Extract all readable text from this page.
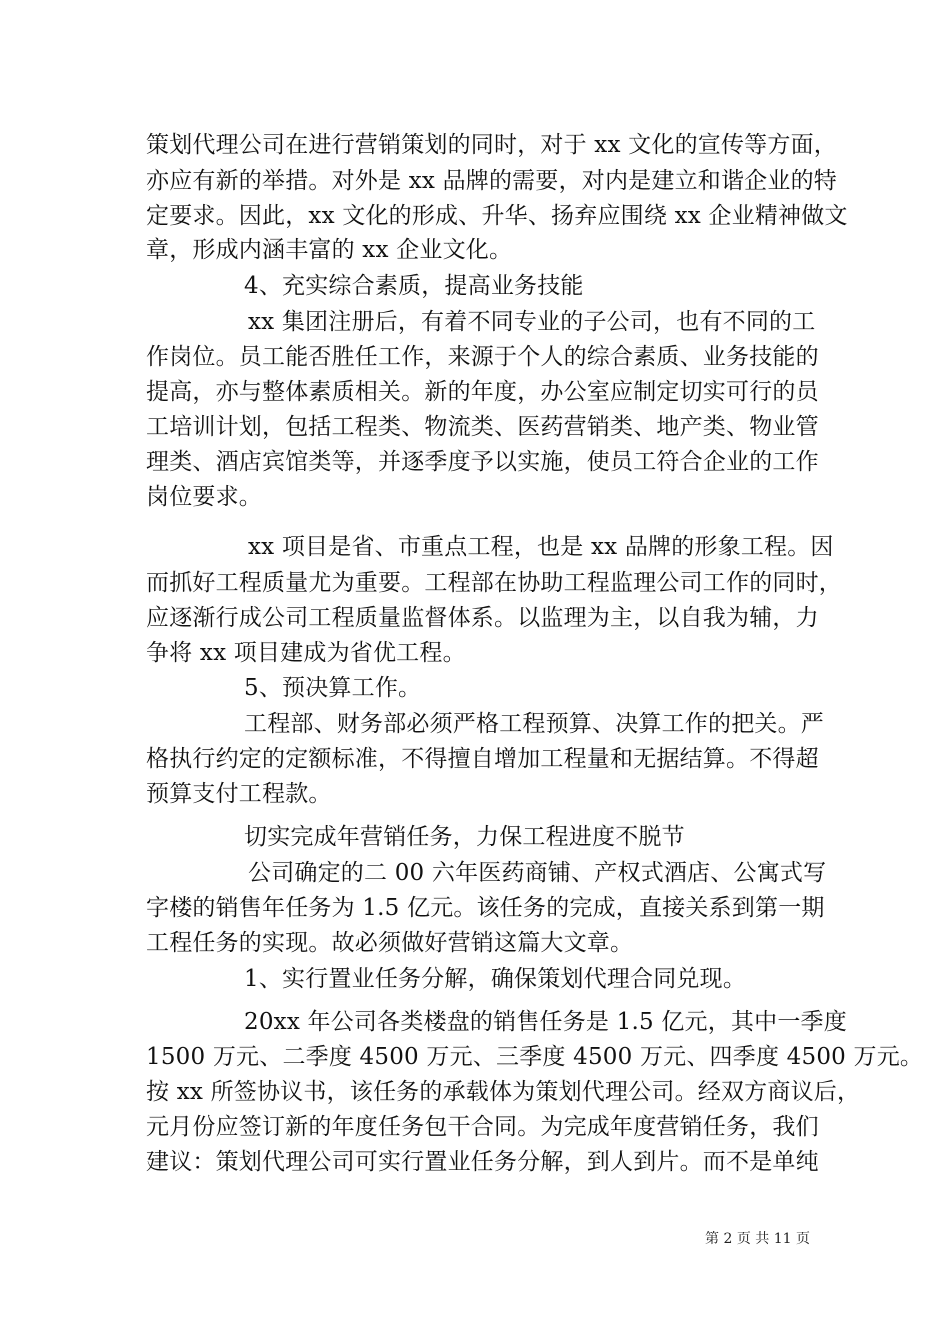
策划代理公司在进行营销策划的同时，对于 xx 文化的宣传等方面，
亦应有新的举措。对外是 xx 品牌的需要，对内是建立和谐企业的特
定要求。因此，xx 文化的形成、升华、扬弃应围绕 xx 企业精神做文
章，形成内涵丰富的 xx 企业文化。
4、充实综合素质，提高业务技能
xx 集团注册后，有着不同专业的子公司，也有不同的工
作岗位。员工能否胜任工作，来源于个人的综合素质、业务技能的
提高，亦与整体素质相关。新的年度，办公室应制定切实可行的员
工培训计划，包括工程类、物流类、医药营销类、地产类、物业管
理类、酒店宾馆类等，并逐季度予以实施，使员工符合企业的工作
岗位要求。
xx 项目是省、市重点工程，也是 xx 品牌的形象工程。因
而抓好工程质量尤为重要。工程部在协助工程监理公司工作的同时，
应逐渐行成公司工程质量监督体系。以监理为主，以自我为辅，力
争将 xx 项目建成为省优工程。
5、预决算工作。
工程部、财务部必须严格工程预算、决算工作的把关。严
格执行约定的定额标准，不得擅自增加工程量和无据结算。不得超
预算支付工程款。
切实完成年营销任务，力保工程进度不脱节
公司确定的二 00 六年医药商铺、产权式酒店、公寓式写
字楼的销售年任务为 1.5 亿元。该任务的完成，直接关系到第一期
工程任务的实现。故必须做好营销这篇大文章。
1、实行置业任务分解，确保策划代理合同兑现。
20xx 年公司各类楼盘的销售任务是 1.5 亿元，其中一季度
1500 万元、二季度 4500 万元、三季度 4500 万元、四季度 4500 万元。
按 xx 所签协议书，该任务的承载体为策划代理公司。经双方商议后，
元月份应签订新的年度任务包干合同。为完成年度营销任务，我们
建议：策划代理公司可实行置业任务分解，到人到片。而不是单纯
第 2 页 共 11 页
